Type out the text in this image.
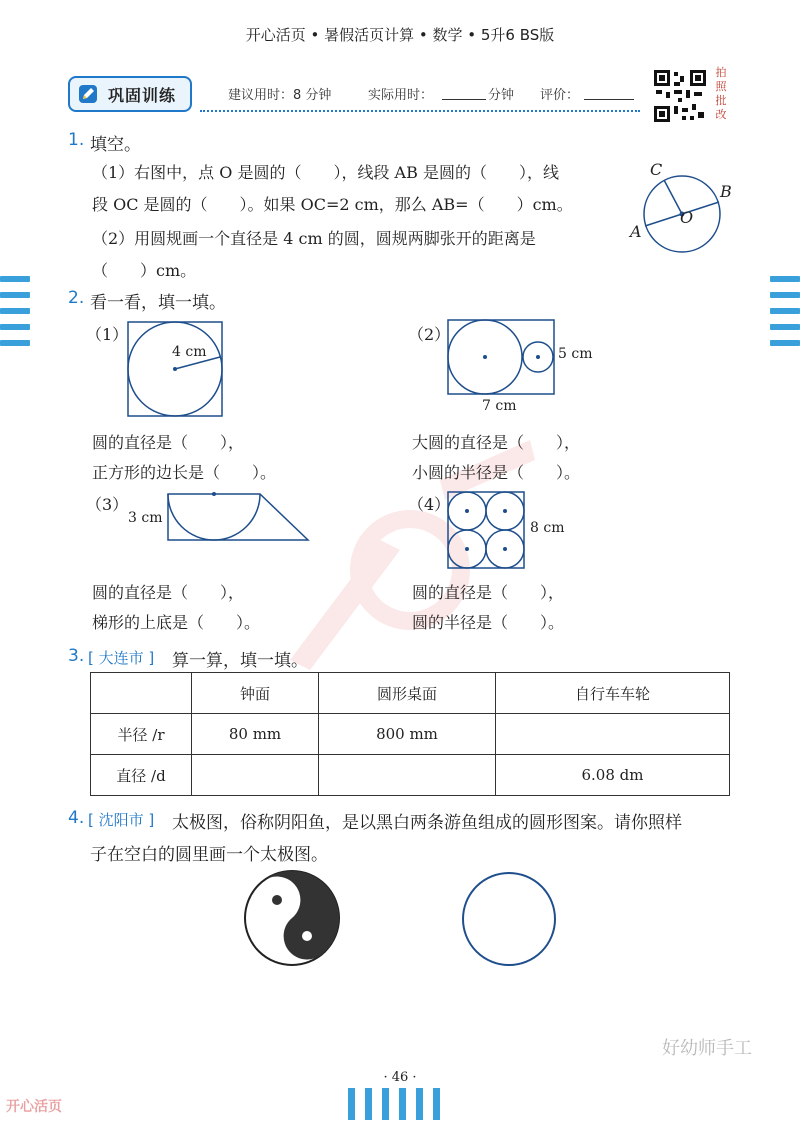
开心活页 • 暑假活页计算 • 数学 • 5升6 BS版
巩固训练	建议用时：8 分钟	实际用时：	分钟 评价：
拍
照
批
改
1. 填空。
（1）右图中，点 O 是圆的（　　），线段 AB 是圆的（　　），线
段 OC 是圆的（　　）。如果 OC=2 cm，那么 AB=（　　）cm。
（2）用圆规画一个直径是 4 cm 的圆，圆规两脚张开的距离是
（　　）cm。
C
B
A
O
2. 看一看，填一填。
（1）
4 cm
圆的直径是（　　），
正方形的边长是（　　）。
（2）
5 cm
7 cm
大圆的直径是（　　），
小圆的半径是（　　）。
（3）
3 cm
圆的直径是（　　），
梯形的上底是（　　）。
（4）
8 cm
圆的直径是（　　），
圆的半径是（　　）。
3. [ 大连市 ] 算一算，填一填。
	钟面	圆形桌面	自行车车轮
半径 /r	80 mm	800 mm	
直径 /d			6.08 dm
4. [ 沈阳市 ] 太极图，俗称阴阳鱼，是以黑白两条游鱼组成的圆形图案。请你照样
子在空白的圆里画一个太极图。
好幼师手工
· 46 ·
开心活页
